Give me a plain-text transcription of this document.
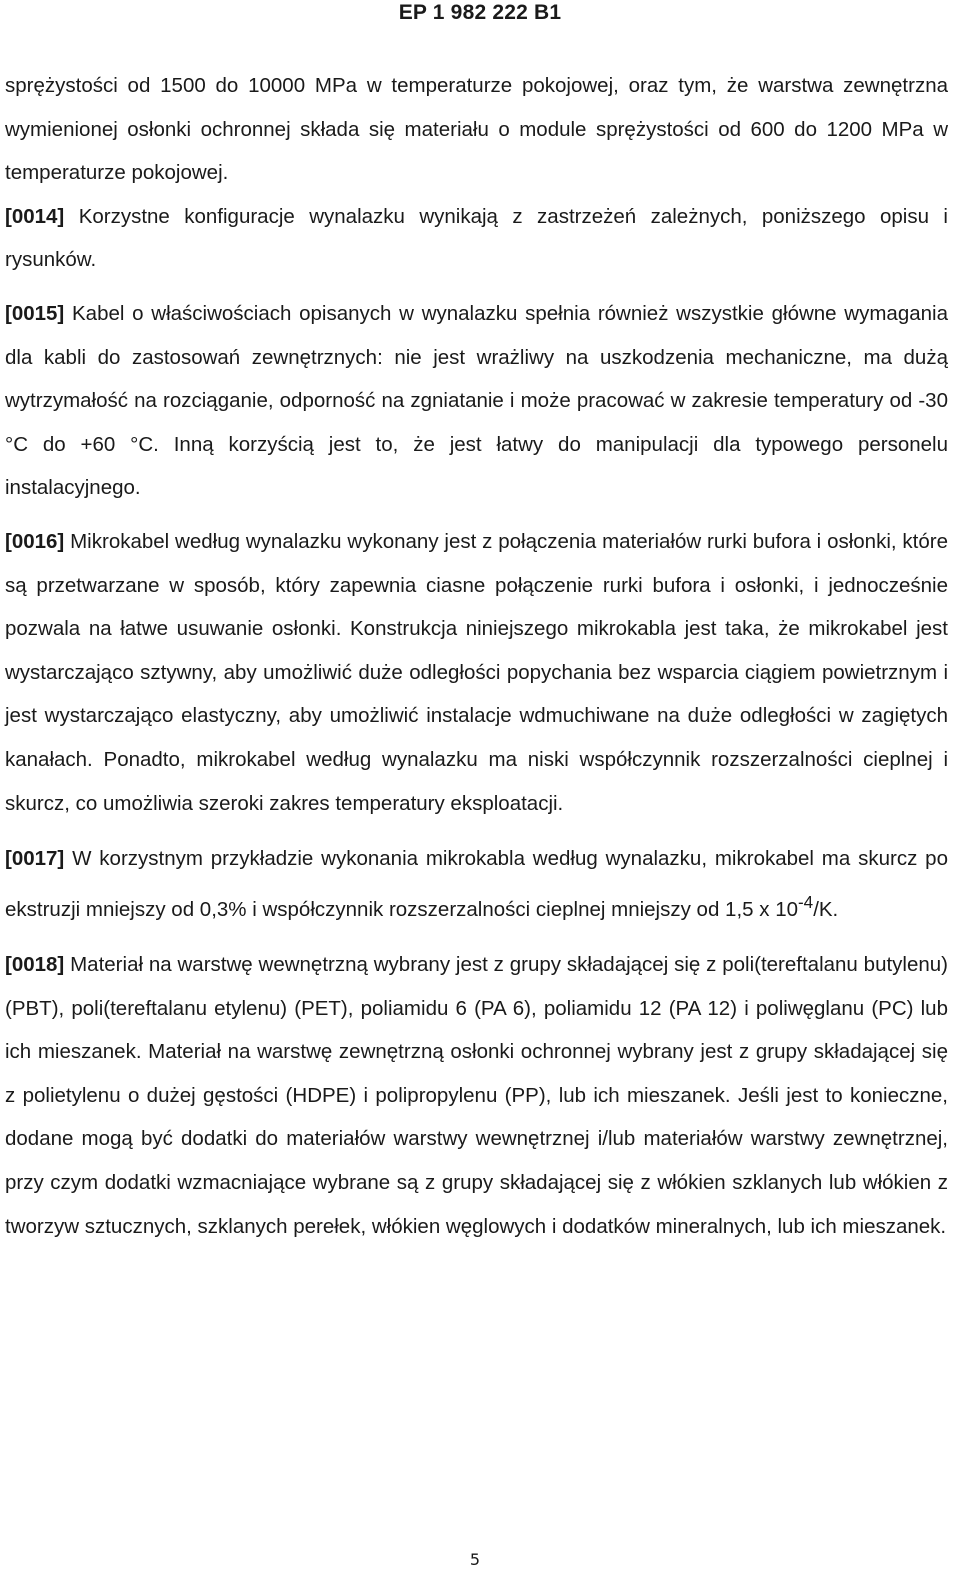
EP 1 982 222 B1

sprężystości od 1500 do 10000 MPa w temperaturze pokojowej, oraz tym, że warstwa zewnętrzna wymienionej osłonki ochronnej składa się materiału o module sprężystości od 600 do 1200 MPa w temperaturze pokojowej.

[0014] Korzystne konfiguracje wynalazku wynikają z zastrzeżeń zależnych, poniższego opisu i rysunków.

[0015] Kabel o właściwościach opisanych w wynalazku spełnia również wszystkie główne wymagania dla kabli do zastosowań zewnętrznych: nie jest wrażliwy na uszkodzenia mechaniczne, ma dużą wytrzymałość na rozciąganie, odporność na zgniatanie i może pracować w zakresie temperatury od -30 °C do +60 °C. Inną korzyścią jest to, że jest łatwy do manipulacji dla typowego personelu instalacyjnego.

[0016] Mikrokabel według wynalazku wykonany jest z połączenia materiałów rurki bufora i osłonki, które są przetwarzane w sposób, który zapewnia ciasne połączenie rurki bufora i osłonki, i jednocześnie pozwala na łatwe usuwanie osłonki. Konstrukcja niniejszego mikrokabla jest taka, że mikrokabel jest wystarczająco sztywny, aby umożliwić duże odległości popychania bez wsparcia ciągiem powietrznym i jest wystarczająco elastyczny, aby umożliwić instalacje wdmuchiwane na duże odległości w zagiętych kanałach. Ponadto, mikrokabel według wynalazku ma niski współczynnik rozszerzalności cieplnej i skurcz, co umożliwia szeroki zakres temperatury eksploatacji.

[0017] W korzystnym przykładzie wykonania mikrokabla według wynalazku, mikrokabel ma skurcz po ekstruzji mniejszy od 0,3% i współczynnik rozszerzalności cieplnej mniejszy od 1,5 x $10^{-4}/K$.

[0018] Materiał na warstwę wewnętrzną wybrany jest z grupy składającej się z poli(tereftalanu butylenu) (PBT), poli(tereftalanu etylenu) (PET), poliamidu 6 (PA 6), poliamidu 12 (PA 12) i poliwęglanu (PC) lub ich mieszanek. Materiał na warstwę zewnętrzną osłonki ochronnej wybrany jest z grupy składającej się z polietylenu o dużej gęstości (HDPE) i polipropylenu (PP), lub ich mieszanek. Jeśli jest to konieczne, dodane mogą być dodatki do materiałów warstwy wewnętrznej i/lub materiałów warstwy zewnętrznej, przy czym dodatki wzmacniające wybrane są z grupy składającej się z włókien szklanych lub włókien z tworzyw sztucznych, szklanych perełek, włókien węglowych i dodatków mineralnych, lub ich mieszanek.

5
